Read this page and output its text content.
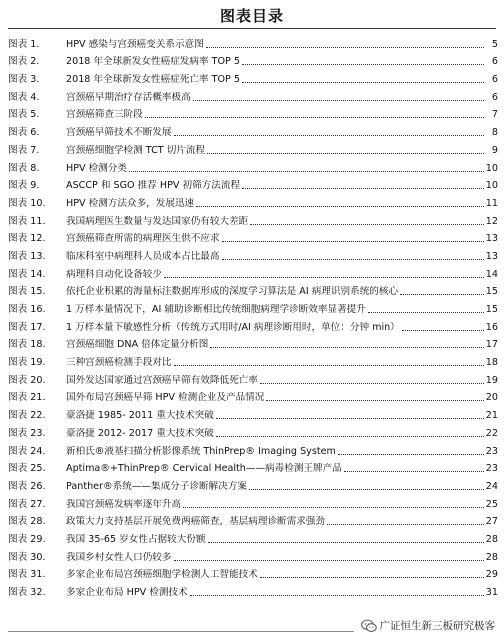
图表目录
图表 1.	HPV 感染与宫颈癌变关系示意图	5
图表 2.	2018 年全球新发女性癌症发病率 TOP 5	6
图表 3.	2018 年全球新发女性癌症死亡率 TOP 5	6
图表 4.	宫颈癌早期治疗存活概率极高	6
图表 5.	宫颈癌筛查三阶段	7
图表 6.	宫颈癌早筛技术不断发展	8
图表 7.	宫颈癌细胞学检测 TCT 切片流程	9
图表 8.	HPV 检测分类	10
图表 9.	ASCCP 和 SGO 推荐 HPV 初筛方法流程	10
图表 10.	HPV 检测方法众多，发展迅速	11
图表 11.	我国病理医生数量与发达国家仍有较大差距	12
图表 12.	宫颈癌筛查所需的病理医生供不应求	13
图表 13.	临床科室中病理科人员成本占比最高	13
图表 14.	病理科自动化设备较少	14
图表 15.	依托企业积累的海量标注数据库形成的深度学习算法是 AI 病理识别系统的核心	15
图表 16.	1 万样本量情况下，AI 辅助诊断相比传统细胞病理学诊断效率显著提升	15
图表 17.	1 万样本量下敏感性分析（传统方式用时/AI 病理诊断用时，单位：分钟 min）	16
图表 18.	宫颈癌细胞 DNA 倍体定量分析图	17
图表 19.	三种宫颈癌检测手段对比	18
图表 20.	国外发达国家通过宫颈癌早筛有效降低死亡率	19
图表 21.	国外布局宫颈癌早筛 HPV 检测企业及产品情况	20
图表 22.	豪洛捷 1985- 2011 重大技术突破	21
图表 23.	豪洛捷 2012- 2017 重大技术突破	22
图表 24.	新柏氏®液基扫描分析影像系统 ThinPrep® Imaging System	23
图表 25.	Aptima®+ThinPrep® Cervical Health——病毒检测王牌产品	23
图表 26.	Panther®系统——集成分子诊断解决方案	24
图表 27.	我国宫颈癌发病率逐年升高	25
图表 28.	政策大力支持基层开展免费两癌筛查，基层病理诊断需求强劲	27
图表 29.	我国 35-65 岁女性占据较大份额	28
图表 30.	我国乡村女性人口仍较多	28
图表 31.	多家企业布局宫颈癌细胞学检测人工智能技术	29
图表 32.	多家企业布局 HPV 检测技术	31
广证恒生新三板研究极客
